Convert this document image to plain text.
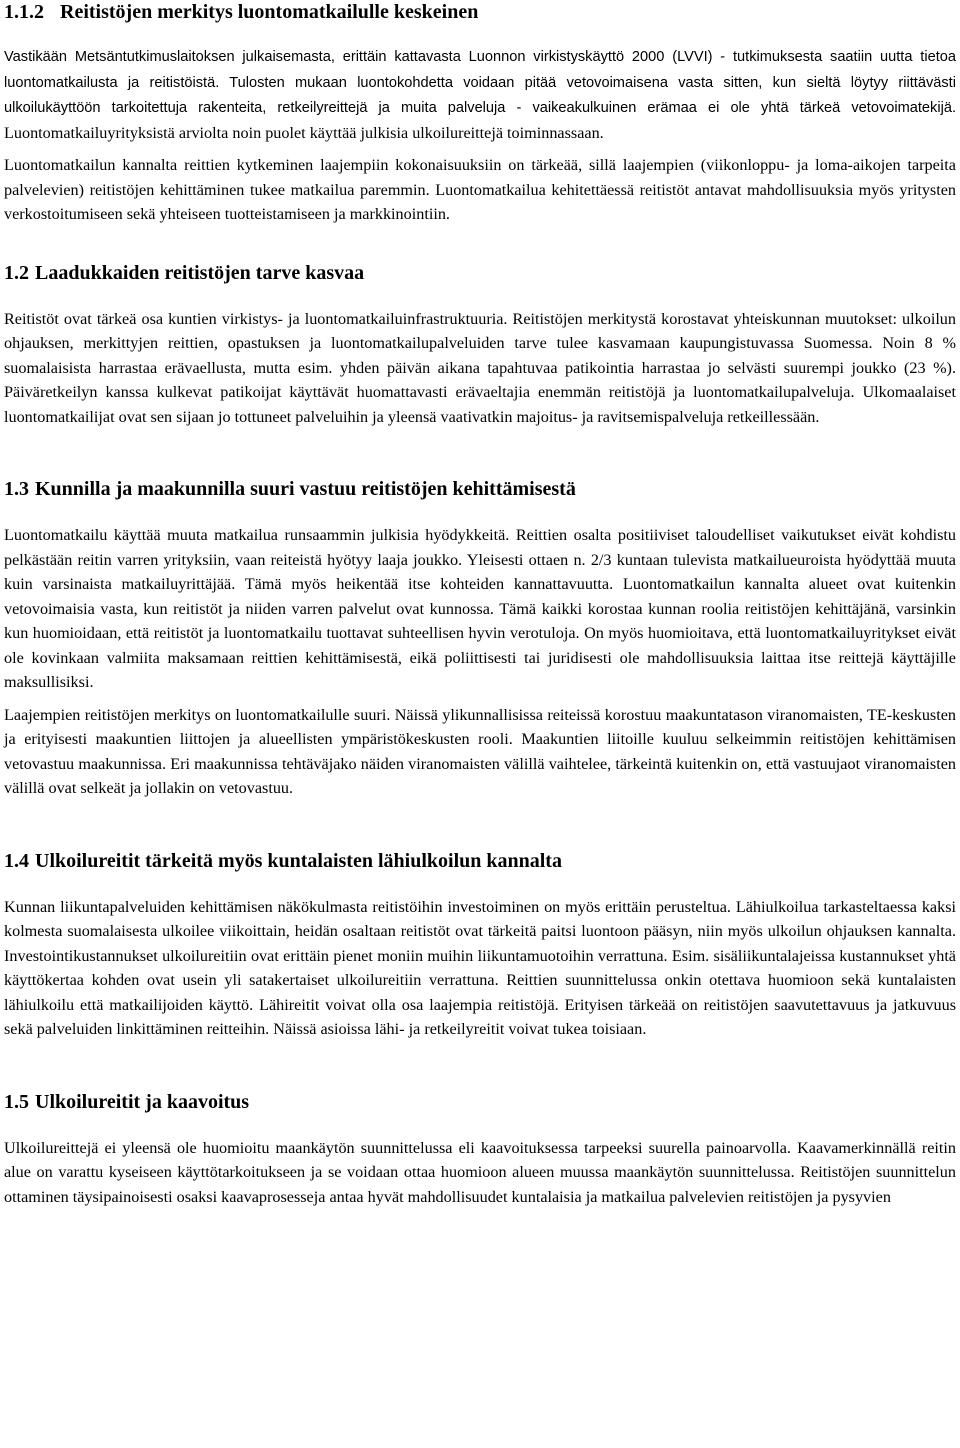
1.1.2 Reitistöjen merkitys luontomatkailulle keskeinen

Vastikään Metsäntutkimuslaitoksen julkaisemasta, erittäin kattavasta Luonnon virkistyskäyttö 2000 (LVVI) - tutkimuksesta saatiin uutta tietoa luontomatkailusta ja reitistöistä. Tulosten mukaan luontokohdetta voidaan pitää vetovoimaisena vasta sitten, kun sieltä löytyy riittävästi ulkoilukäyttöön tarkoitettuja rakenteita, retkeilyreittejä ja muita palveluja - vaikeakulkuinen erämaa ei ole yhtä tärkeä vetovoimatekijä. Luontomatkailuyrityksistä arviolta noin puolet käyttää julkisia ulkoilureittejä toiminnassaan.

Luontomatkailun kannalta reittien kytkeminen laajempiin kokonaisuuksiin on tärkeää, sillä laajempien (viikonloppu- ja loma-aikojen tarpeita palvelevien) reitistöjen kehittäminen tukee matkailua paremmin. Luontomatkailua kehitettäessä reitistöt antavat mahdollisuuksia myös yritysten verkostoitumiseen sekä yhteiseen tuotteistamiseen ja markkinointiin.

1.2 Laadukkaiden reitistöjen tarve kasvaa

Reitistöt ovat tärkeä osa kuntien virkistys- ja luontomatkailuinfrastruktuuria. Reitistöjen merkitystä korostavat yhteiskunnan muutokset: ulkoilun ohjauksen, merkittyjen reittien, opastuksen ja luontomatkailupalveluiden tarve tulee kasvamaan kaupungistuvassa Suomessa. Noin 8 % suomalaisista harrastaa erävaellusta, mutta esim. yhden päivän aikana tapahtuvaa patikointia harrastaa jo selvästi suurempi joukko (23 %). Päiväretkeilyn kanssa kulkevat patikoijat käyttävät huomattavasti erävaeltajia enemmän reitistöjä ja luontomatkailupalveluja. Ulkomaalaiset luontomatkailijat ovat sen sijaan jo tottuneet palveluihin ja yleensä vaativatkin majoitus- ja ravitsemispalveluja retkeillessään.

1.3 Kunnilla ja maakunnilla suuri vastuu reitistöjen kehittämisestä

Luontomatkailu käyttää muuta matkailua runsaammin julkisia hyödykkeitä. Reittien osalta positiiviset taloudelliset vaikutukset eivät kohdistu pelkästään reitin varren yrityksiin, vaan reiteistä hyötyy laaja joukko. Yleisesti ottaen n. 2/3 kuntaan tulevista matkailueuroista hyödyttää muuta kuin varsinaista matkailuyrittäjää. Tämä myös heikentää itse kohteiden kannattavuutta. Luontomatkailun kannalta alueet ovat kuitenkin vetovoimaisia vasta, kun reitistöt ja niiden varren palvelut ovat kunnossa. Tämä kaikki korostaa kunnan roolia reitistöjen kehittäjänä, varsinkin kun huomioidaan, että reitistöt ja luontomatkailu tuottavat suhteellisen hyvin verotuloja. On myös huomioitava, että luontomatkailuyritykset eivät ole kovinkaan valmiita maksamaan reittien kehittämisestä, eikä poliittisesti tai juridisesti ole mahdollisuuksia laittaa itse reittejä käyttäjille maksullisiksi.

Laajempien reitistöjen merkitys on luontomatkailulle suuri. Näissä ylikunnallisissa reiteissä korostuu maakuntatason viranomaisten, TE-keskusten ja erityisesti maakuntien liittojen ja alueellisten ympäristökeskusten rooli. Maakuntien liitoille kuuluu selkeimmin reitistöjen kehittämisen vetovastuu maakunnissa. Eri maakunnissa tehtäväjako näiden viranomaisten välillä vaihtelee, tärkeintä kuitenkin on, että vastuujaot viranomaisten välillä ovat selkeät ja jollakin on vetovastuu.

1.4 Ulkoilureitit tärkeitä myös kuntalaisten lähiulkoilun kannalta

Kunnan liikuntapalveluiden kehittämisen näkökulmasta reitistöihin investoiminen on myös erittäin perusteltua. Lähiulkoilua tarkasteltaessa kaksi kolmesta suomalaisesta ulkoilee viikoittain, heidän osaltaan reitistöt ovat tärkeitä paitsi luontoon pääsyn, niin myös ulkoilun ohjauksen kannalta. Investointikustannukset ulkoilureitiin ovat erittäin pienet moniin muihin liikuntamuotoihin verrattuna. Esim. sisäliikuntalajeissa kustannukset yhtä käyttökertaa kohden ovat usein yli satakertaiset ulkoilureitiin verrattuna. Reittien suunnittelussa onkin otettava huomioon sekä kuntalaisten lähiulkoilu että matkailijoiden käyttö. Lähireitit voivat olla osa laajempia reitistöjä. Erityisen tärkeää on reitistöjen saavutettavuus ja jatkuvuus sekä palveluiden linkittäminen reitteihin. Näissä asioissa lähi- ja retkeilyreitit voivat tukea toisiaan.

1.5 Ulkoilureitit ja kaavoitus

Ulkoilureittejä ei yleensä ole huomioitu maankäytön suunnittelussa eli kaavoituksessa tarpeeksi suurella painoarvolla. Kaavamerkinnällä reitin alue on varattu kyseiseen käyttötarkoitukseen ja se voidaan ottaa huomioon alueen muussa maankäytön suunnittelussa. Reitistöjen suunnittelun ottaminen täysipainoisesti osaksi kaavaprosesseja antaa hyvät mahdollisuudet kuntalaisia ja matkailua palvelevien reitistöjen ja pysyvien
